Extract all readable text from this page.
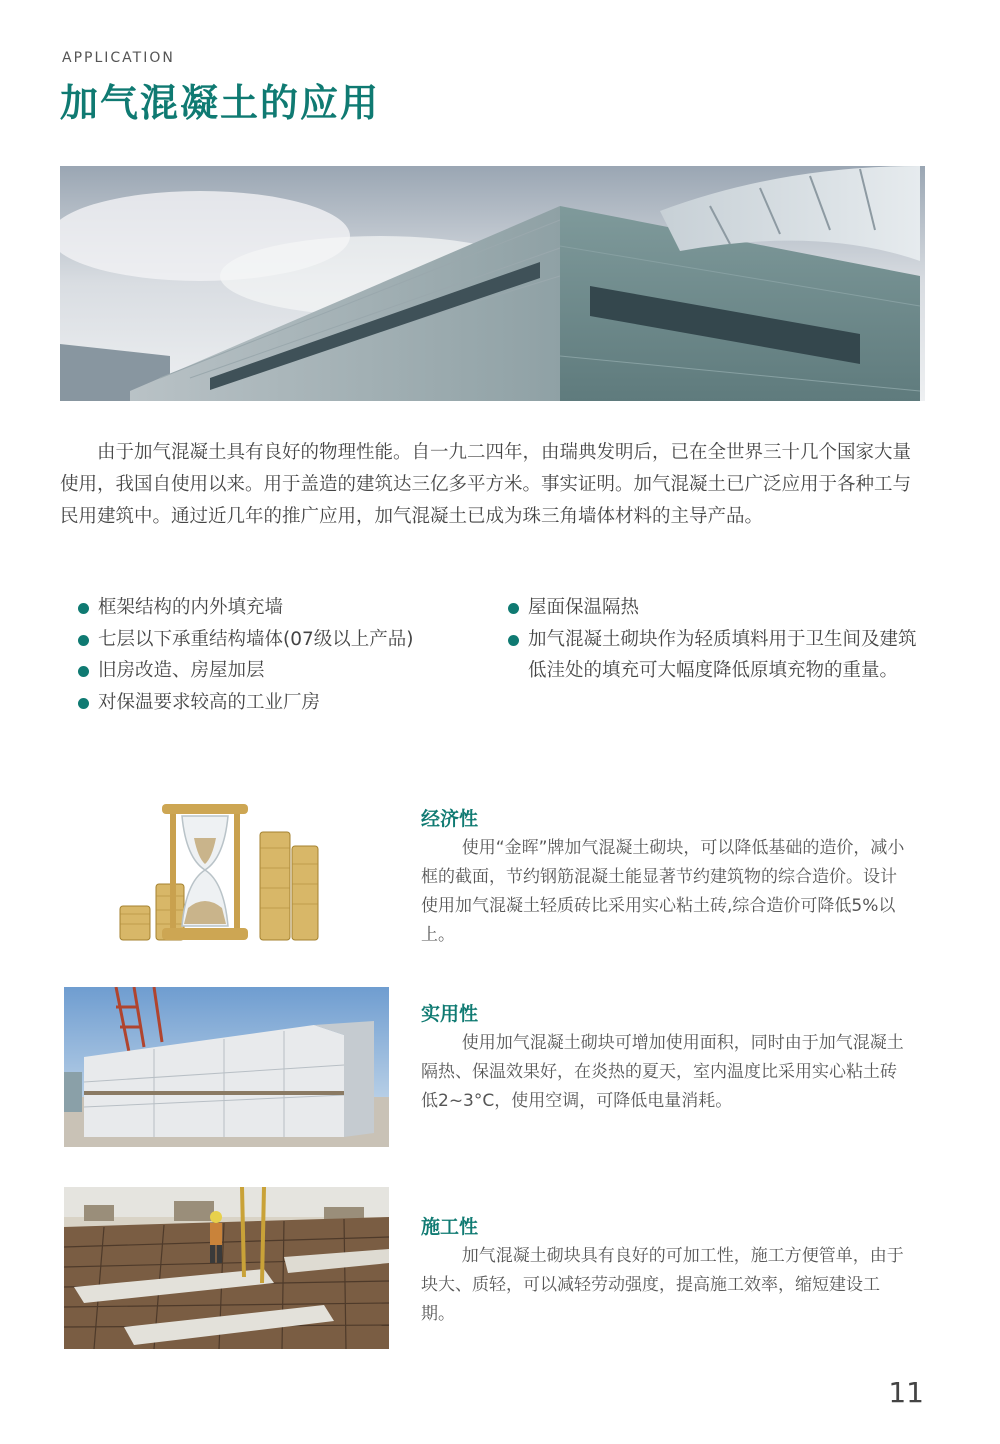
APPLICATION
加气混凝土的应用

由于加气混凝土具有良好的物理性能。自一九二四年，由瑞典发明后，已在全世界三十几个国家大量使用，我国自使用以来。用于盖造的建筑达三亿多平方米。事实证明。加气混凝土已广泛应用于各种工与民用建筑中。通过近几年的推广应用，加气混凝土已成为珠三角墙体材料的主导产品。

框架结构的内外填充墙
七层以下承重结构墙体(07级以上产品)
旧房改造、房屋加层
对保温要求较高的工业厂房
屋面保温隔热
加气混凝土砌块作为轻质填料用于卫生间及建筑低洼处的填充可大幅度降低原填充物的重量。
经济性

使用“金晖”牌加气混凝土砌块，可以降低基础的造价，减小框的截面，节约钢筋混凝土能显著节约建筑物的综合造价。设计使用加气混凝土轻质砖比采用实心粘土砖,综合造价可降低5%以上。

实用性

使用加气混凝土砌块可增加使用面积，同时由于加气混凝土隔热、保温效果好，在炎热的夏天，室内温度比采用实心粘土砖低2~3°C，使用空调，可降低电量消耗。

施工性

加气混凝土砌块具有良好的可加工性，施工方便管单，由于块大、质轻，可以减轻劳动强度，提高施工效率，缩短建设工期。

11
